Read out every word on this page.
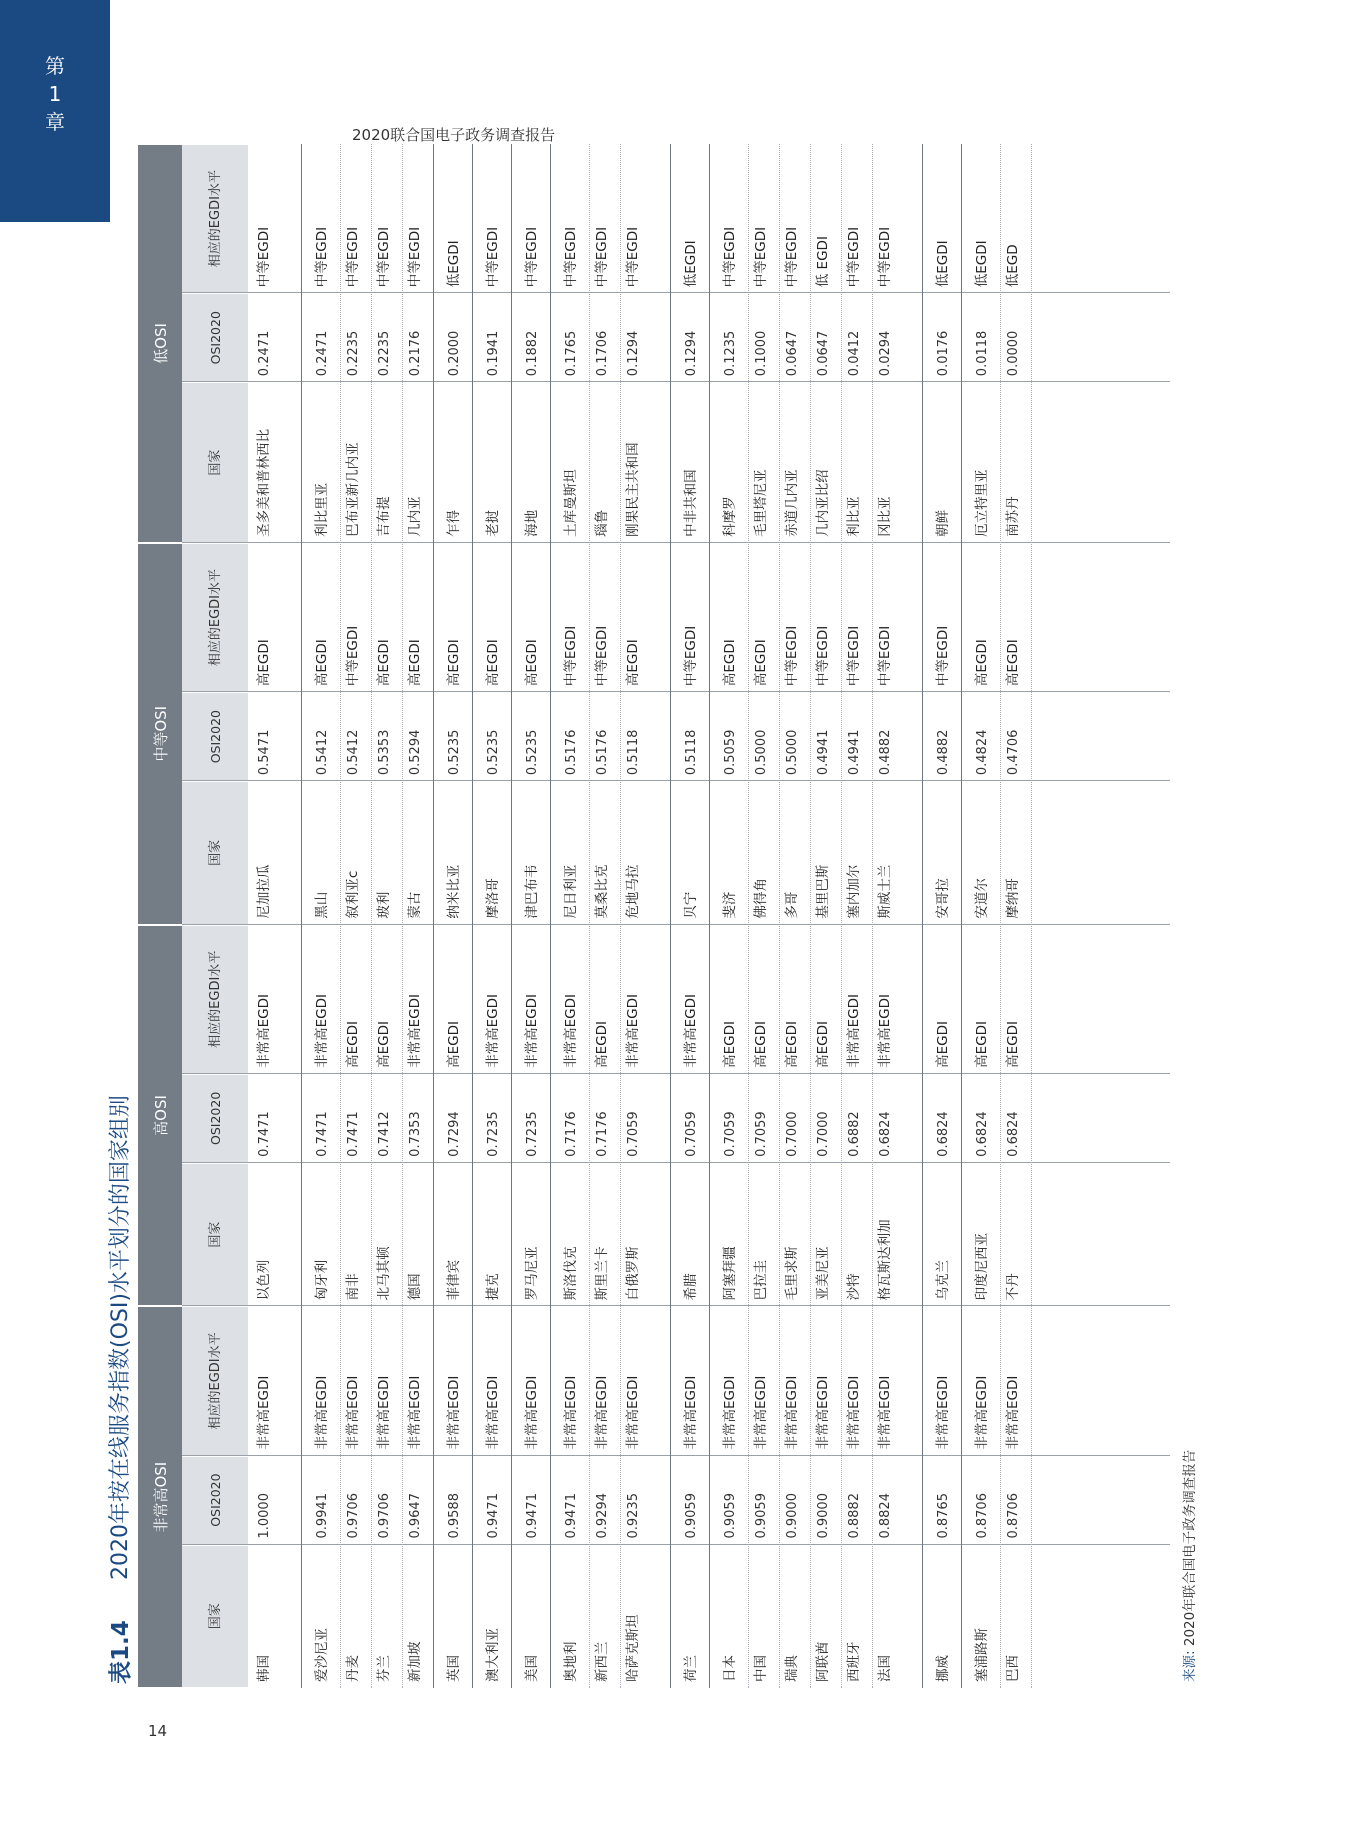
第
1
章
2020联合国电子政务调查报告
14
表1.4
2020年按在线服务指数(OSI)水平划分的国家组别	非常高OSI
国家
OSI

2020
相应的EGDI

水平
高OSI
国家
OSI

2020
相应的EGDI

水平
中等OSI
国家
OSI

2020
相应的EGDI

水平
低OSI
国家
OSI

2020
相应的EGDI

水平
韩国
1.0000
非常高EGDI
以色列
0.7471
非常高EGDI
尼加拉瓜
0.5471
高EGDI
圣多美和普林西比
0.2471
中等EGDI
爱沙尼亚
0.9941
非常高EGDI
匈牙利
0.7471
非常高EGDI
黑山
0.5412
高EGDI
利比里亚
0.2471
中等EGDI
丹麦
0.9706
非常高EGDI
南非
0.7471
高EGDI
叙利亚c
0.5412
中等EGDI
巴布亚新几内亚
0.2235
中等EGDI
芬兰
0.9706
非常高EGDI
北马其顿
0.7412
高EGDI
玻利
0.5353
高EGDI
吉布提
0.2235
中等EGDI
新加坡
0.9647
非常高EGDI
德国
0.7353
非常高EGDI
蒙古
0.5294
高EGDI
几内亚
0.2176
中等EGDI
英国
0.9588
非常高EGDI
菲律宾
0.7294
高EGDI
纳米比亚
0.5235
高EGDI
乍得
0.2000
低EGDI
澳大利亚
0.9471
非常高EGDI
捷克
0.7235
非常高EGDI
摩洛哥
0.5235
高EGDI
老挝
0.1941
中等EGDI
美国
0.9471
非常高EGDI
罗马尼亚
0.7235
非常高EGDI
津巴布韦
0.5235
高EGDI
海地
0.1882
中等EGDI
奥地利
0.9471
非常高EGDI
斯洛伐克
0.7176
非常高EGDI
尼日利亚
0.5176
中等EGDI
土库曼斯坦
0.1765
中等EGDI
新西兰
0.9294
非常高EGDI
斯里兰卡
0.7176
高EGDI
莫桑比克
0.5176
中等EGDI
瑙鲁
0.1706
中等EGDI
哈萨克斯坦
0.9235
非常高EGDI
白俄罗斯
0.7059
非常高EGDI
危地马拉
0.5118
高EGDI
刚果民主共和国
0.1294
中等EGDI
荷兰
0.9059
非常高EGDI
希腊
0.7059
非常高EGDI
贝宁
0.5118
中等EGDI
中非共和国
0.1294
低EGDI
日本
0.9059
非常高EGDI
阿塞拜疆
0.7059
高EGDI
斐济
0.5059
高EGDI
科摩罗
0.1235
中等EGDI
中国
0.9059
非常高EGDI
巴拉圭
0.7059
高EGDI
佛得角
0.5000
高EGDI
毛里塔尼亚
0.1000
中等EGDI
瑞典
0.9000
非常高EGDI
毛里求斯
0.7000
高EGDI
多哥
0.5000
中等EGDI
赤道几内亚
0.0647
中等EGDI
阿联酋
0.9000
非常高EGDI
亚美尼亚
0.7000
高EGDI
基里巴斯
0.4941
中等EGDI
几内亚比绍
0.0647
低 EGDI
西班牙
0.8882
非常高EGDI
沙特
0.6882
非常高EGDI
塞内加尔
0.4941
中等EGDI
利比亚
0.0412
中等EGDI
法国
0.8824
非常高EGDI
格瓦斯达利加
0.6824
非常高EGDI
斯威士兰
0.4882
中等EGDI
冈比亚
0.0294
中等EGDI
挪威
0.8765
非常高EGDI
乌克兰
0.6824
高EGDI
安哥拉
0.4882
中等EGDI
朝鲜
0.0176
低EGDI
塞浦路斯
0.8706
非常高EGDI
印度尼西亚
0.6824
高EGDI
安道尔
0.4824
高EGDI
厄立特里亚
0.0118
低EGDI
巴西
0.8706
非常高EGDI
不丹
0.6824
高EGDI
摩纳哥
0.4706
高EGDI
南苏丹
0.0000
低EGD
来源: 2020年联合国电子政务调查报告
